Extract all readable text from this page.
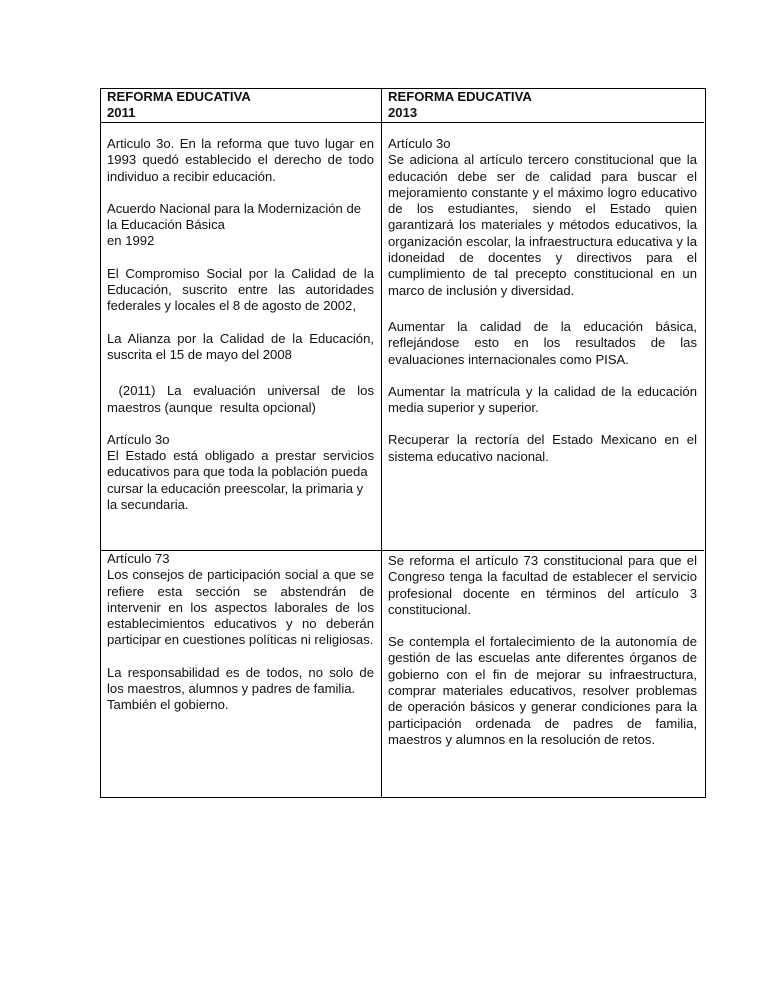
REFORMA EDUCATIVA
2011
REFORMA EDUCATIVA
2013

Articulo 3o. En la reforma que tuvo lugar en 1993 quedó establecido el derecho de todo individuo a recibir educación.

Acuerdo Nacional para la Modernización de la Educación Básica

en 1992

El Compromiso Social por la Calidad de la Educación, suscrito entre las autoridades federales y locales el 8 de agosto de 2002,

La Alianza por la Calidad de la Educación, suscrita el 15 de mayo del 2008

(2011) La evaluación universal de los maestros (aunque  resulta opcional)

Artículo 3o

El Estado está obligado a prestar servicios educativos para que toda la población pueda

cursar la educación preescolar, la primaria y la secundaria.

Artículo 3o

Se adiciona al artículo tercero constitucional que la educación debe ser de calidad para buscar el mejoramiento constante y el máximo logro educativo de los estudiantes, siendo el Estado quien garantizará los materiales y métodos educativos, la organización escolar, la infraestructura educativa y la idoneidad de docentes y directivos para el cumplimiento de tal precepto constitucional en un marco de inclusión y diversidad.

Aumentar la calidad de la educación básica, reflejándose esto en los resultados de las evaluaciones internacionales como PISA.

Aumentar la matrícula y la calidad de la educación media superior y superior.

Recuperar la rectoría del Estado Mexicano en el sistema educativo nacional.

Artículo 73

Los consejos de participación social a que se refiere esta sección se abstendrán de intervenir en los aspectos laborales de los establecimientos educativos y no deberán participar en cuestiones políticas ni religiosas.

La responsabilidad es de todos, no solo de los maestros, alumnos y padres de familia.

También el gobierno.

Se reforma el artículo 73 constitucional para que el Congreso tenga la facultad de establecer el servicio profesional docente en términos del artículo 3 constitucional.

Se contempla el fortalecimiento de la autonomía de gestión de las escuelas ante diferentes órganos de gobierno con el fin de mejorar su infraestructura, comprar materiales educativos, resolver problemas de operación básicos y generar condiciones para la participación ordenada de padres de familia, maestros y alumnos en la resolución de retos.
